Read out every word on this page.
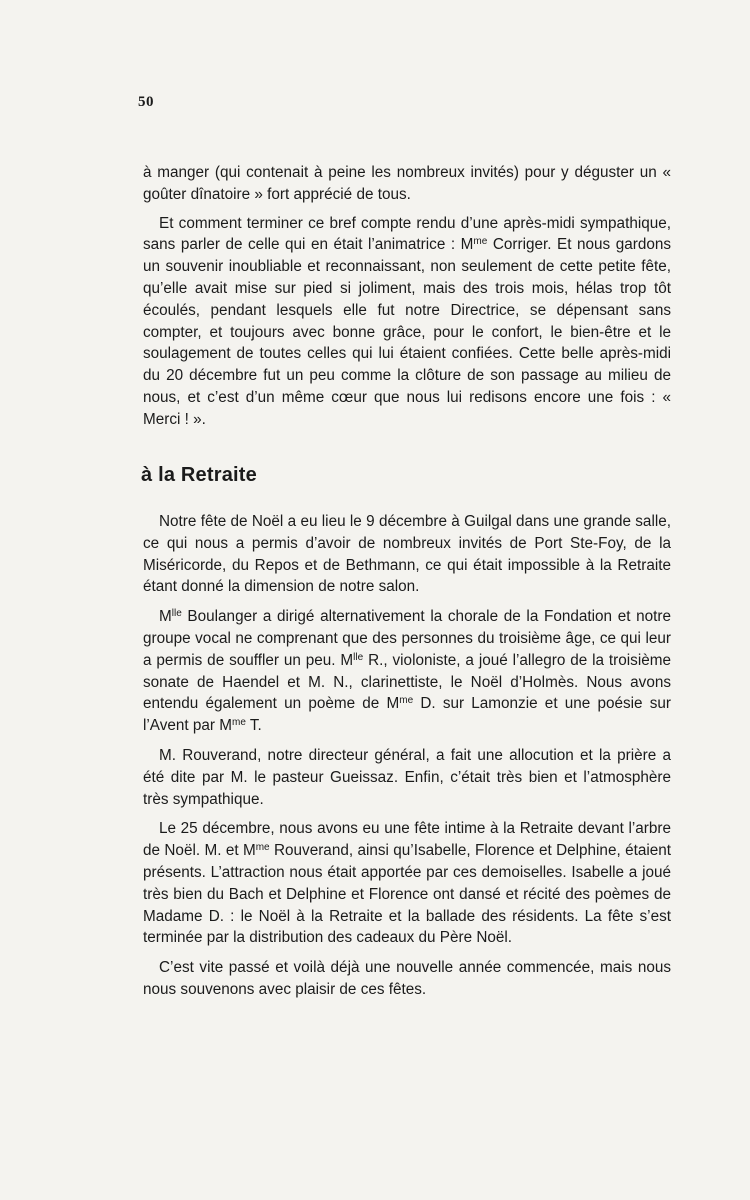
50

à manger (qui contenait à peine les nombreux invités) pour y déguster un « goûter dînatoire » fort apprécié de tous.

Et comment terminer ce bref compte rendu d’une après-midi sympathique, sans parler de celle qui en était l’animatrice : $M^{me}$ Corriger. Et nous gardons un souvenir inoubliable et reconnaissant, non seulement de cette petite fête, qu’elle avait mise sur pied si joliment, mais des trois mois, hélas trop tôt écoulés, pendant lesquels elle fut notre Directrice, se dépensant sans compter, et toujours avec bonne grâce, pour le confort, le bien-être et le soulagement de toutes celles qui lui étaient confiées. Cette belle après-midi du 20 décembre fut un peu comme la clôture de son passage au milieu de nous, et c’est d’un même cœur que nous lui redisons encore une fois : « Merci ! ».

à la Retraite

Notre fête de Noël a eu lieu le 9 décembre à Guilgal dans une grande salle, ce qui nous a permis d’avoir de nombreux invités de Port Ste-Foy, de la Miséricorde, du Repos et de Bethmann, ce qui était impossible à la Retraite étant donné la dimension de notre salon.

$M^{lle}$ Boulanger a dirigé alternativement la chorale de la Fondation et notre groupe vocal ne comprenant que des personnes du troisième âge, ce qui leur a permis de souffler un peu. $M^{lle}$ R., violoniste, a joué l’allegro de la troisième sonate de Haendel et M. N., clarinettiste, le Noël d’Holmès. Nous avons entendu également un poème de $M^{me}$ D. sur Lamonzie et une poésie sur l’Avent par $M^{me}$ T.

M. Rouverand, notre directeur général, a fait une allocution et la prière a été dite par M. le pasteur Gueissaz. Enfin, c’était très bien et l’atmosphère très sympathique.

Le 25 décembre, nous avons eu une fête intime à la Retraite devant l’arbre de Noël. M. et $M^{me}$ Rouverand, ainsi qu’Isabelle, Florence et Delphine, étaient présents. L’attraction nous était apportée par ces demoiselles. Isabelle a joué très bien du Bach et Delphine et Florence ont dansé et récité des poèmes de Madame D. : le Noël à la Retraite et la ballade des résidents. La fête s’est terminée par la distribution des cadeaux du Père Noël.

C’est vite passé et voilà déjà une nouvelle année commencée, mais nous nous souvenons avec plaisir de ces fêtes.
